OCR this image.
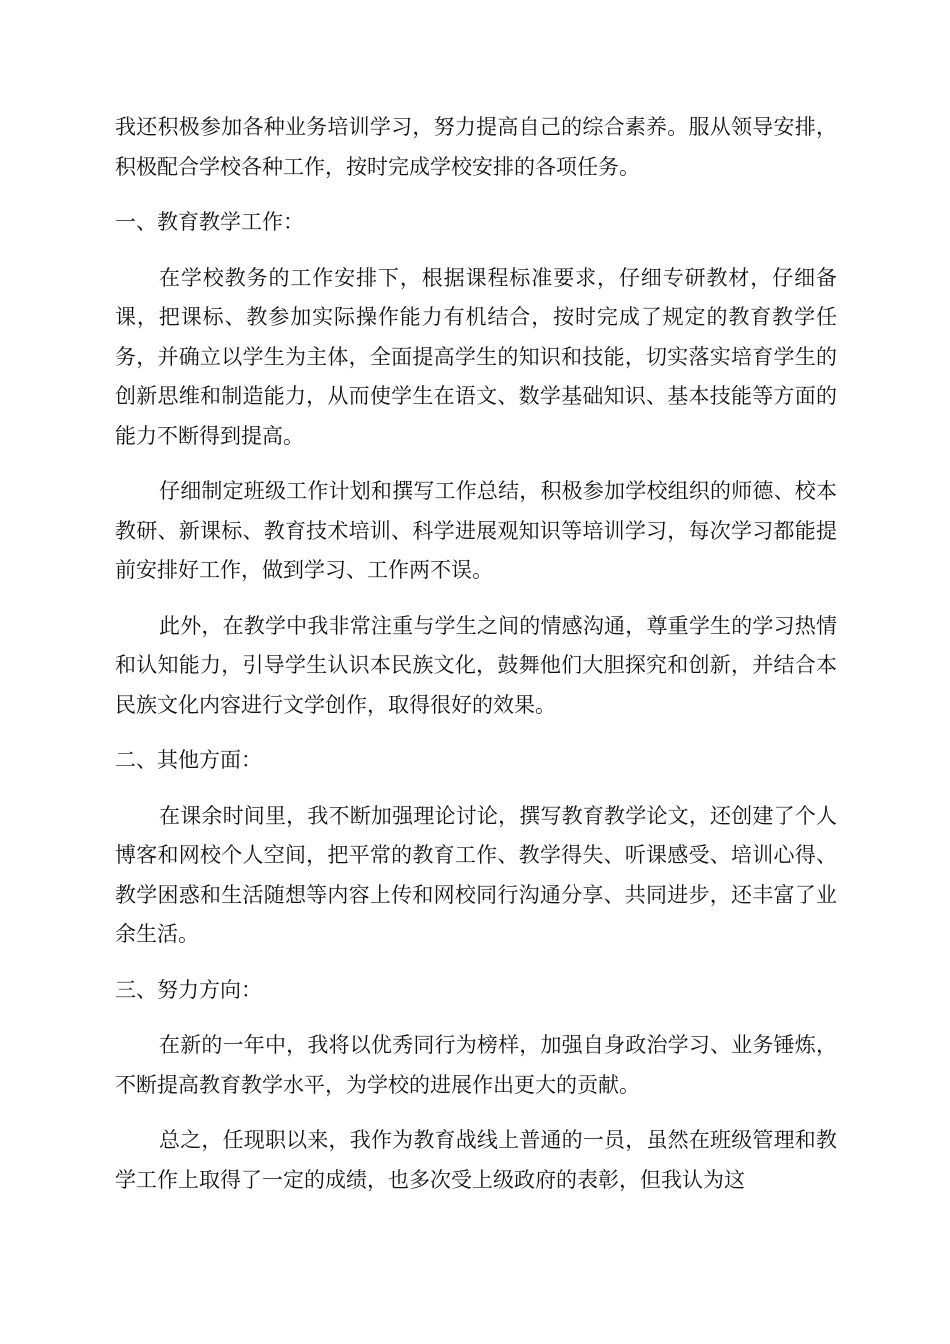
我还积极参加各种业务培训学习，努力提高自己的综合素养。服从领导安排，积极配合学校各种工作，按时完成学校安排的各项任务。

一、教育教学工作：

在学校教务的工作安排下，根据课程标准要求，仔细专研教材，仔细备课，把课标、教参加实际操作能力有机结合，按时完成了规定的教育教学任务，并确立以学生为主体，全面提高学生的知识和技能，切实落实培育学生的创新思维和制造能力，从而使学生在语文、数学基础知识、基本技能等方面的能力不断得到提高。

仔细制定班级工作计划和撰写工作总结，积极参加学校组织的师德、校本教研、新课标、教育技术培训、科学进展观知识等培训学习，每次学习都能提前安排好工作，做到学习、工作两不误。

此外，在教学中我非常注重与学生之间的情感沟通，尊重学生的学习热情和认知能力，引导学生认识本民族文化，鼓舞他们大胆探究和创新，并结合本民族文化内容进行文学创作，取得很好的效果。

二、其他方面：

在课余时间里，我不断加强理论讨论，撰写教育教学论文，还创建了个人博客和网校个人空间，把平常的教育工作、教学得失、听课感受、培训心得、教学困惑和生活随想等内容上传和网校同行沟通分享、共同进步，还丰富了业余生活。

三、努力方向：

在新的一年中，我将以优秀同行为榜样，加强自身政治学习、业务锤炼，不断提高教育教学水平，为学校的进展作出更大的贡献。

总之，任现职以来，我作为教育战线上普通的一员，虽然在班级管理和教学工作上取得了一定的成绩，也多次受上级政府的表彰，但我认为这
